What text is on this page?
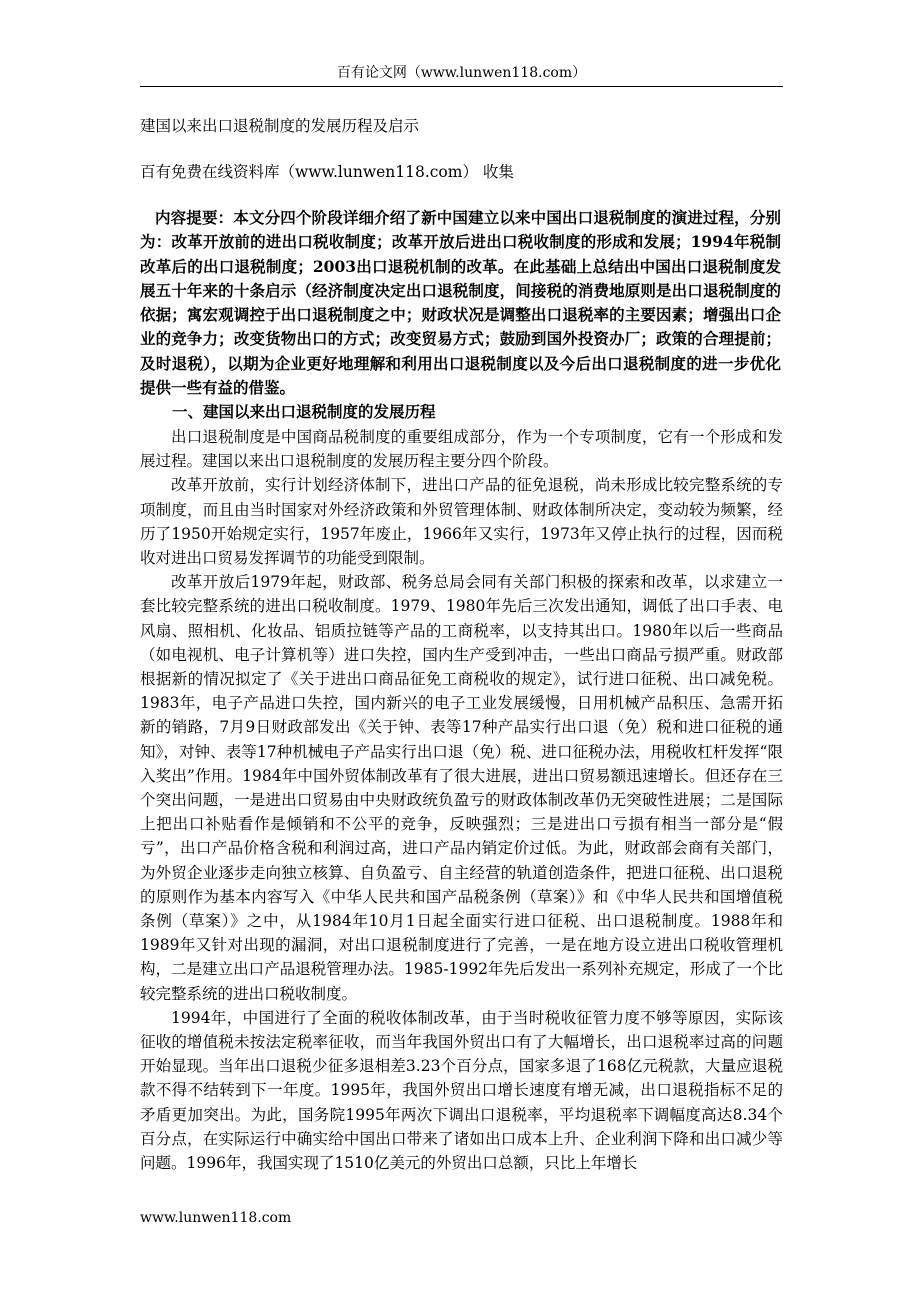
百有论文网（www.lunwen118.com）
建国以来出口退税制度的发展历程及启示
百有免费在线资料库（www.lunwen118.com） 收集

内容提要：本文分四个阶段详细介绍了新中国建立以来中国出口退税制度的演进过程，分别为：改革开放前的进出口税收制度；改革开放后进出口税收制度的形成和发展；1994年税制改革后的出口退税制度；2003出口退税机制的改革。在此基础上总结出中国出口退税制度发展五十年来的十条启示（经济制度决定出口退税制度，间接税的消费地原则是出口退税制度的依据；寓宏观调控于出口退税制度之中；财政状况是调整出口退税率的主要因素；增强出口企业的竞争力；改变货物出口的方式；改变贸易方式；鼓励到国外投资办厂；政策的合理提前；及时退税），以期为企业更好地理解和利用出口退税制度以及今后出口退税制度的进一步优化提供一些有益的借鉴。

一、建国以来出口退税制度的发展历程

出口退税制度是中国商品税制度的重要组成部分，作为一个专项制度，它有一个形成和发展过程。建国以来出口退税制度的发展历程主要分四个阶段。

改革开放前，实行计划经济体制下，进出口产品的征免退税，尚未形成比较完整系统的专项制度，而且由当时国家对外经济政策和外贸管理体制、财政体制所决定，变动较为频繁，经历了1950开始规定实行，1957年废止，1966年又实行，1973年又停止执行的过程，因而税收对进出口贸易发挥调节的功能受到限制。

改革开放后1979年起，财政部、税务总局会同有关部门积极的探索和改革，以求建立一套比较完整系统的进出口税收制度。1979、1980年先后三次发出通知，调低了出口手表、电风扇、照相机、化妆品、铝质拉链等产品的工商税率，以支持其出口。1980年以后一些商品（如电视机、电子计算机等）进口失控，国内生产受到冲击，一些出口商品亏损严重。财政部根据新的情况拟定了《关于进出口商品征免工商税收的规定》，试行进口征税、出口减免税。1983年，电子产品进口失控，国内新兴的电子工业发展缓慢，日用机械产品积压、急需开拓新的销路，7月9日财政部发出《关于钟、表等17种产品实行出口退（免）税和进口征税的通知》，对钟、表等17种机械电子产品实行出口退（免）税、进口征税办法，用税收杠杆发挥“限入奖出”作用。1984年中国外贸体制改革有了很大进展，进出口贸易额迅速增长。但还存在三个突出问题，一是进出口贸易由中央财政统负盈亏的财政体制改革仍无突破性进展；二是国际上把出口补贴看作是倾销和不公平的竞争，反映强烈；三是进出口亏损有相当一部分是“假亏”，出口产品价格含税和利润过高，进口产品内销定价过低。为此，财政部会商有关部门，为外贸企业逐步走向独立核算、自负盈亏、自主经营的轨道创造条件，把进口征税、出口退税的原则作为基本内容写入《中华人民共和国产品税条例（草案）》和《中华人民共和国增值税条例（草案）》之中，从1984年10月1日起全面实行进口征税、出口退税制度。1988年和1989年又针对出现的漏洞，对出口退税制度进行了完善，一是在地方设立进出口税收管理机构，二是建立出口产品退税管理办法。1985-1992年先后发出一系列补充规定，形成了一个比较完整系统的进出口税收制度。

1994年，中国进行了全面的税收体制改革，由于当时税收征管力度不够等原因，实际该征收的增值税未按法定税率征收，而当年我国外贸出口有了大幅增长，出口退税率过高的问题开始显现。当年出口退税少征多退相差3.23个百分点，国家多退了168亿元税款，大量应退税款不得不结转到下一年度。1995年，我国外贸出口增长速度有增无减，出口退税指标不足的矛盾更加突出。为此，国务院1995年两次下调出口退税率，平均退税率下调幅度高达8.34个百分点，在实际运行中确实给中国出口带来了诸如出口成本上升、企业利润下降和出口减少等问题。1996年，我国实现了1510亿美元的外贸出口总额，只比上年增长

www.lunwen118.com
